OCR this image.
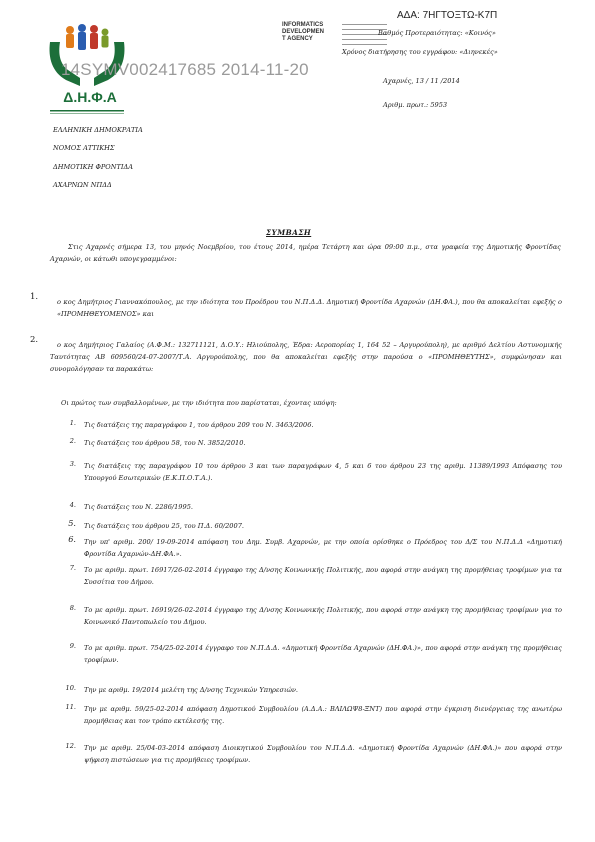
ΑΔΑ: 7ΗΓΤΟΞΤΩ-Κ7Π
Δ.Η.Φ.Α
14SYMV002417685 2014-11-20
INFORMATICS
DEVELOPMEN
T AGENCY
Βαθμός Προτεραιότητας: «Κοινός»
Χρόνος διατήρησης του εγγράφου: «Διηνεκές»
Αχαρνές, 13 / 11 /2014
Αριθμ. πρωτ.: 5953
ΕΛΛΗΝΙΚΗ ΔΗΜΟΚΡΑΤΙΑ
ΝΟΜΟΣ ΑΤΤΙΚΗΣ
ΔΗΜΟΤΙΚΗ ΦΡΟΝΤΙΔΑ
ΑΧΑΡΝΩΝ ΝΠΔΔ
ΣΥΜΒΑΣΗ
Στις Αχαρνές σήμερα 13, του μηνός Νοεμβρίου, του έτους 2014, ημέρα Τετάρτη και ώρα 09:00 π.μ., στα γραφεία της Δημοτικής Φροντίδας Αχαρνών, οι κάτωθι υπογεγραμμένοι:
1.	ο κος Δημήτριος Γιαννακόπουλος, με την ιδιότητα του Προέδρου του Ν.Π.Δ.Δ. Δημοτική Φροντίδα Αχαρνών (ΔΗ.ΦΑ.), που θα αποκαλείται εφεξής ο «ΠΡΟΜΗΘΕΥΟΜΕΝΟΣ» και
2.	ο κος Δημήτριος Γαλαίος (Α.Φ.Μ.: 132711121, Δ.Ο.Υ.: Ηλιούπολης, Έδρα: Αεροπορίας 1, 164 52 – Αργυρούπολη), με αριθμό Δελτίου Αστυνομικής Ταυτότητας ΑΒ 609560/24-07-2007/Τ.Α. Αργυρούπολης, που θα αποκαλείται εφεξής στην παρούσα ο «ΠΡΟΜΗΘΕΥΤΗΣ», συμφώνησαν και συνομολόγησαν τα παρακάτω:
Οι πρώτος των συμβαλλομένων, με την ιδιότητα που παρίσταται, έχοντας υπόψη:
1. Τις διατάξεις της παραγράφου 1, του άρθρου 209 του Ν. 3463/2006.
2. Τις διατάξεις του άρθρου 58, του Ν. 3852/2010.
3. Τις διατάξεις της παραγράφου 10 του άρθρου 3 και των παραγράφων 4, 5 και 6 του άρθρου 23 της αριθμ. 11389/1993 Απόφασης του Υπουργού Εσωτερικών (Ε.Κ.Π.Ο.Τ.Α.).
4. Τις διατάξεις του Ν. 2286/1995.
5. Τις διατάξεις του άρθρου 25, του Π.Δ. 60/2007.
6. Την υπ' αριθμ. 200/ 19-09-2014 απόφαση του Δημ. Συμβ. Αχαρνών, με την οποία ορίσθηκε ο Πρόεδρος του Δ/Σ του Ν.Π.Δ.Δ «Δημοτική Φροντίδα Αχαρνών-ΔΗ.ΦΑ.».
7. Το με αριθμ. πρωτ. 16917/26-02-2014 έγγραφο της Δ/νσης Κοινωνικής Πολιτικής, που αφορά στην ανάγκη της προμήθειας τροφίμων για τα Συσσίτια του Δήμου.
8. Το με αριθμ. πρωτ. 16919/26-02-2014 έγγραφο της Δ/νσης Κοινωνικής Πολιτικής, που αφορά στην ανάγκη της προμήθειας τροφίμων για το Κοινωνικό Παντοπωλείο του Δήμου.
9. Το με αριθμ. πρωτ. 754/25-02-2014 έγγραφο του Ν.Π.Δ.Δ. «Δημοτική Φροντίδα Αχαρνών (ΔΗ.ΦΑ.)», που αφορά στην ανάγκη της προμήθειας τροφίμων.
10. Την με αριθμ. 19/2014 μελέτη της Δ/νσης Τεχνικών Υπηρεσιών.
11. Την με αριθμ. 59/25-02-2014 απόφαση Δημοτικού Συμβουλίου (Α.Δ.Α.: ΒΛΙΛΩΨ8-ΞΝΤ) που αφορά στην έγκριση διενέργειας της ανωτέρω προμήθειας και τον τρόπο εκτέλεσής της.
12. Την με αριθμ. 25/04-03-2014 απόφαση Διοικητικού Συμβουλίου του Ν.Π.Δ.Δ. «Δημοτική Φροντίδα Αχαρνών (ΔΗ.ΦΑ.)» που αφορά στην ψήφιση πιστώσεων για τις προμήθειες τροφίμων.
